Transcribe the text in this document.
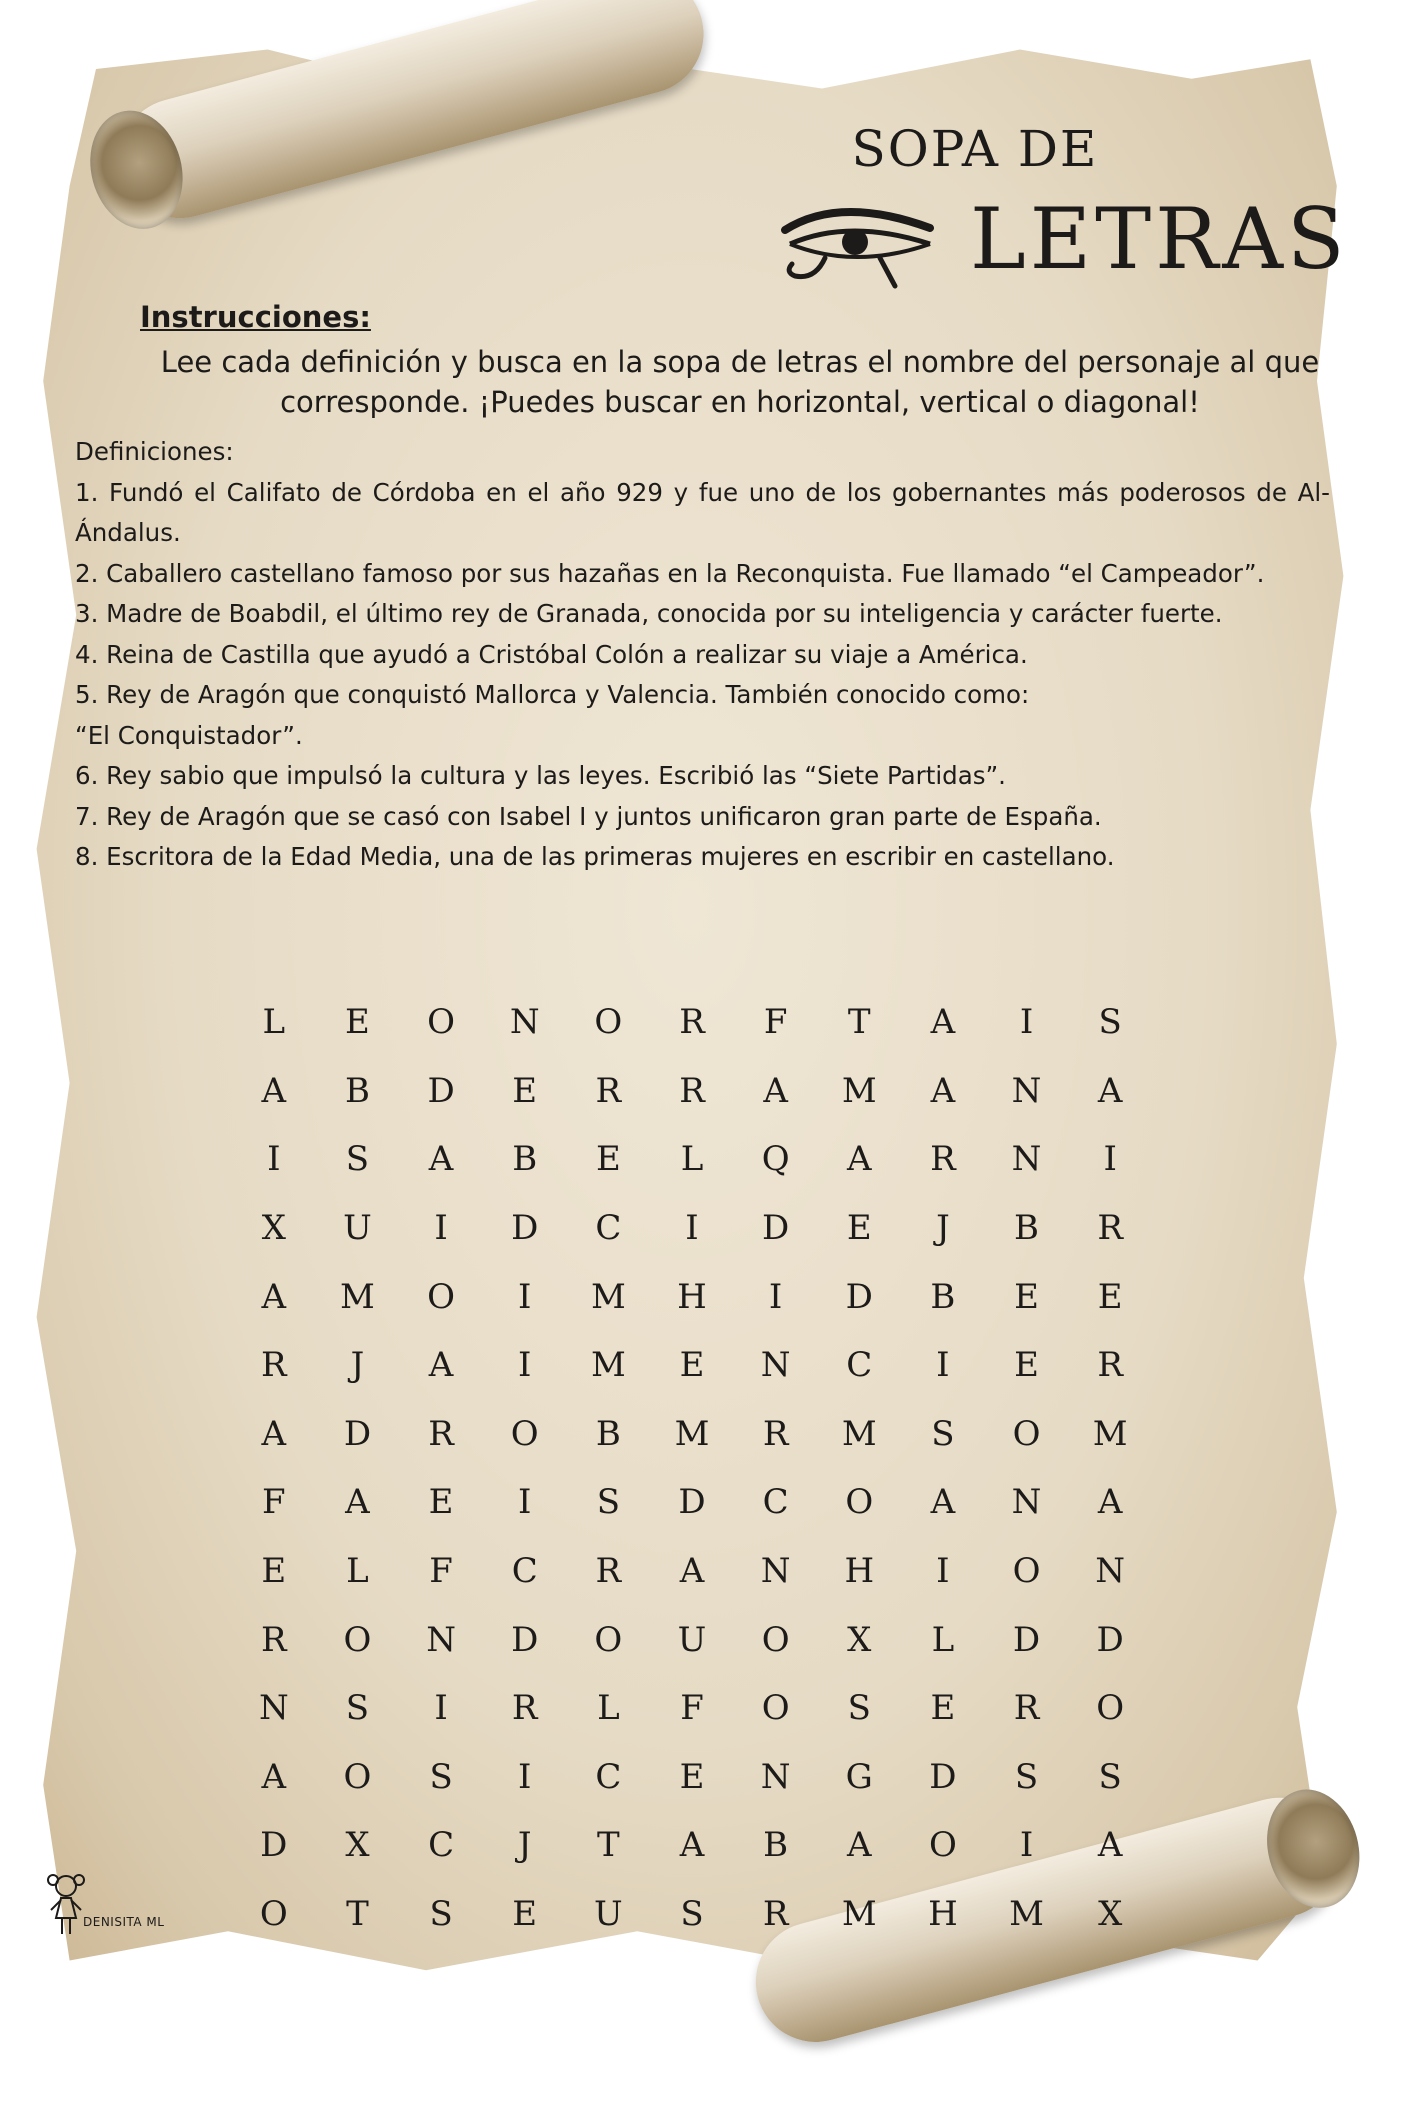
SOPA DE
LETRAS
Instrucciones:
Lee cada definición y busca en la sopa de letras el nombre del personaje al que corresponde. ¡Puedes buscar en horizontal, vertical o diagonal!

Definiciones:

1. Fundó el Califato de Córdoba en el año 929 y fue uno de los gobernantes más poderosos de Al-Ándalus.

2. Caballero castellano famoso por sus hazañas en la Reconquista. Fue llamado “el Campeador”.

3. Madre de Boabdil, el último rey de Granada, conocida por su inteligencia y carácter fuerte.

4. Reina de Castilla que ayudó a Cristóbal Colón a realizar su viaje a América.

5. Rey de Aragón que conquistó Mallorca y Valencia. También conocido como:

“El Conquistador”.

6. Rey sabio que impulsó la cultura y las leyes. Escribió las “Siete Partidas”.

7. Rey de Aragón que se casó con Isabel I y juntos unificaron gran parte de España.

8. Escritora de la Edad Media, una de las primeras mujeres en escribir en castellano.

L	E	O	N	O	R	F	T	A	I	S
A	B	D	E	R	R	A	M	A	N	A
I	S	A	B	E	L	Q	A	R	N	I
X	U	I	D	C	I	D	E	J	B	R
A	M	O	I	M	H	I	D	B	E	E
R	J	A	I	M	E	N	C	I	E	R
A	D	R	O	B	M	R	M	S	O	M
F	A	E	I	S	D	C	O	A	N	A
E	L	F	C	R	A	N	H	I	O	N
R	O	N	D	O	U	O	X	L	D	D
N	S	I	R	L	F	O	S	E	R	O
A	O	S	I	C	E	N	G	D	S	S
D	X	C	J	T	A	B	A	O	I	A
O	T	S	E	U	S	R	M	H	M	X
DENISITA ML
